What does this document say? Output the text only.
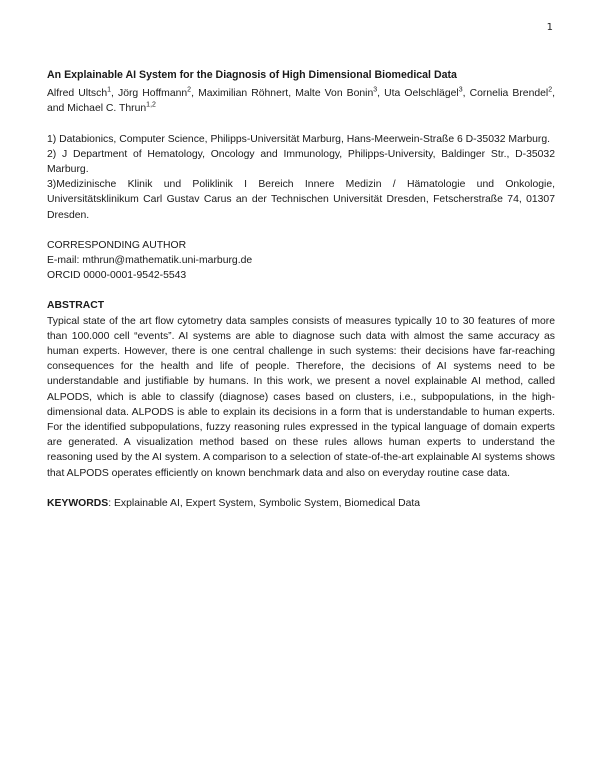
1
An Explainable AI System for the Diagnosis of High Dimensional Biomedical Data

Alfred Ultsch$^1$, Jörg Hoffmann$^2$, Maximilian Röhnert, Malte Von Bonin$^3$, Uta Oelschlägel$^3$, Cornelia Brendel$^2$, and Michael C. Thrun$^{1,2}$

1) Databionics, Computer Science, Philipps-Universität Marburg, Hans-Meerwein-Straße 6 D-35032 Marburg.

2) J Department of Hematology, Oncology and Immunology, Philipps-University, Baldinger Str., D-35032 Marburg.

3)Medizinische Klinik und Poliklinik I Bereich Innere Medizin / Hämatologie und Onkologie, Universitätsklinikum Carl Gustav Carus an der Technischen Universität Dresden, Fetscherstraße 74, 01307 Dresden.

CORRESPONDING AUTHOR
E-mail: mthrun@mathematik.uni-marburg.de
ORCID 0000-0001-9542-5543
ABSTRACT

Typical state of the art flow cytometry data samples consists of measures typically 10 to 30 features of more than 100.000 cell “events”. AI systems are able to diagnose such data with almost the same accuracy as human experts. However, there is one central challenge in such systems: their decisions have far-reaching consequences for the health and life of people. Therefore, the decisions of AI systems need to be understandable and justifiable by humans. In this work, we present a novel explainable AI method, called ALPODS, which is able to classify (diagnose) cases based on clusters, i.e., subpopulations, in the high-dimensional data. ALPODS is able to explain its decisions in a form that is understandable to human experts. For the identified subpopulations, fuzzy reasoning rules expressed in the typical language of domain experts are generated. A visualization method based on these rules allows human experts to understand the reasoning used by the AI system. A comparison to a selection of state-of-the-art explainable AI systems shows that ALPODS operates efficiently on known benchmark data and also on everyday routine case data.

KEYWORDS: Explainable AI, Expert System, Symbolic System, Biomedical Data
